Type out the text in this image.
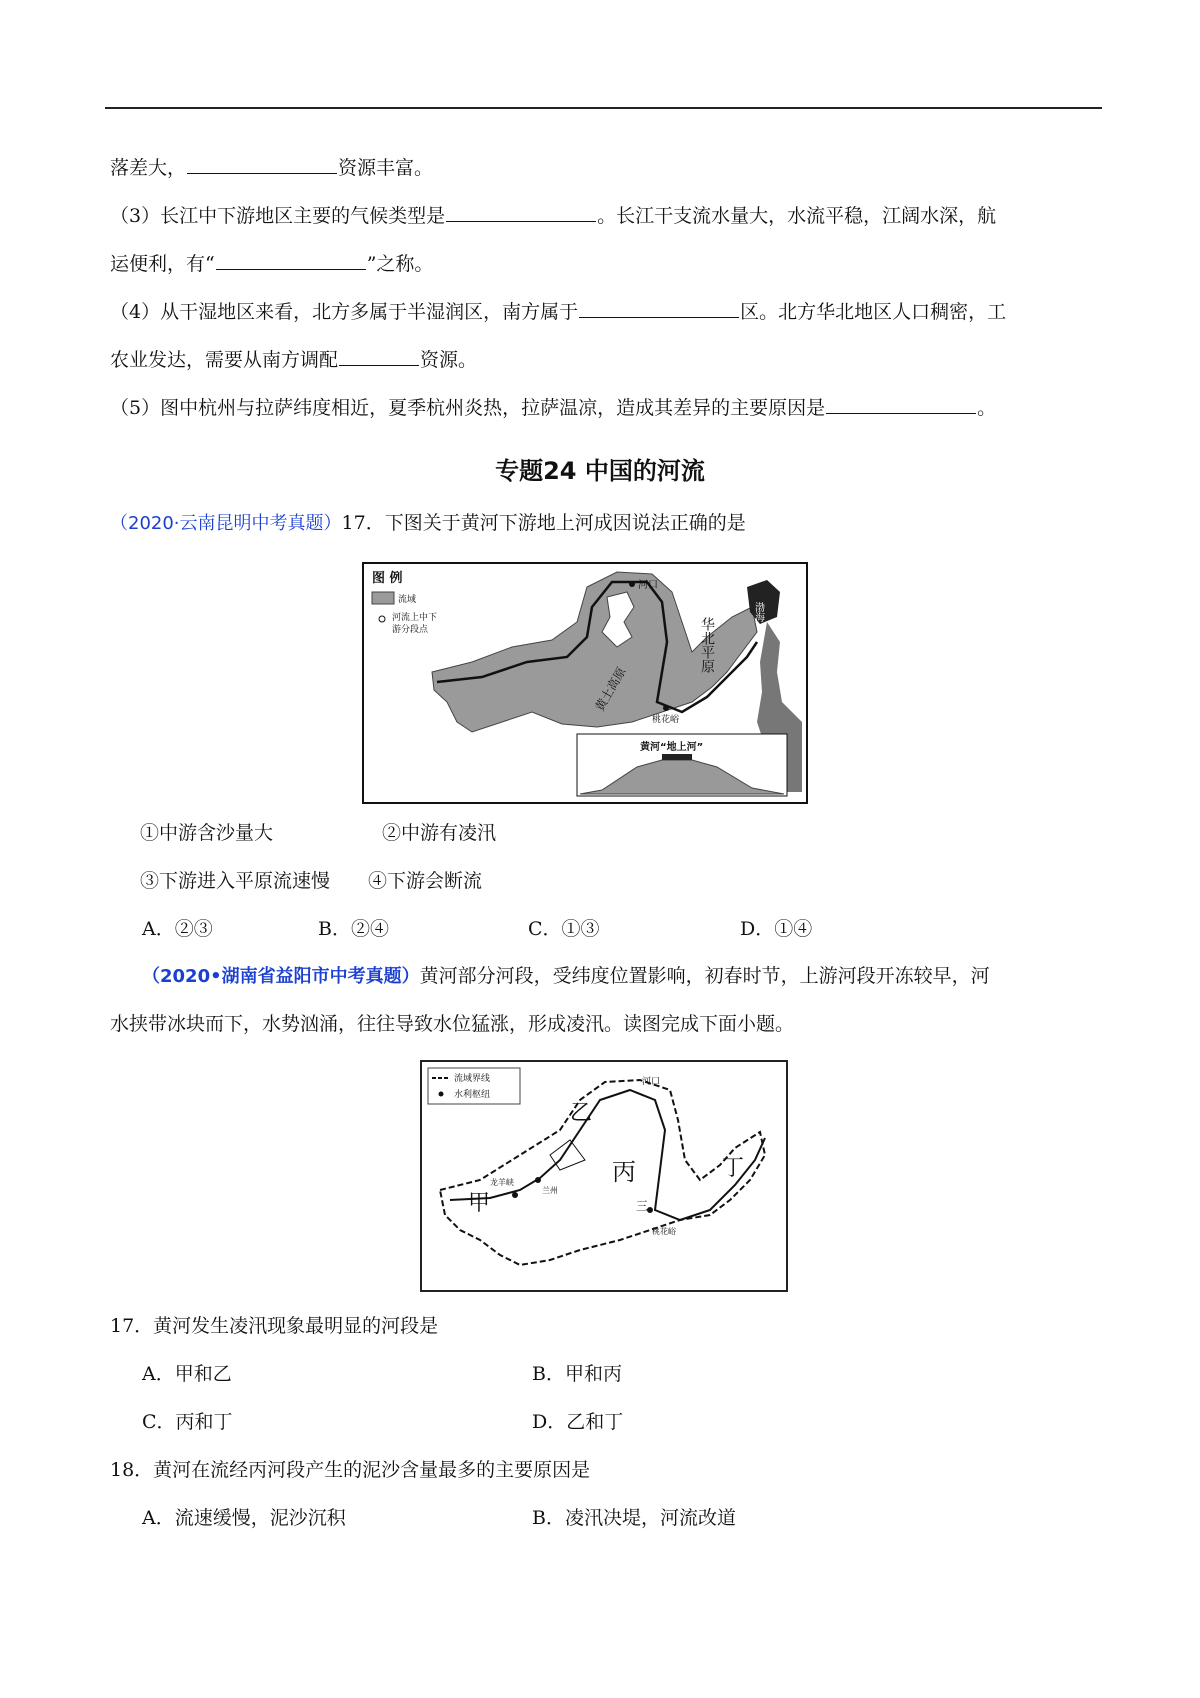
落差大，	资源丰富。
（3）长江中下游地区主要的气候类型是	。长江干支流水量大，水流平稳，江阔水深，航
运便利，有“	”之称。
（4）从干湿地区来看，北方多属于半湿润区，南方属于	区。北方华北地区人口稠密，工
农业发达，需要从南方调配	资源。
（5）图中杭州与拉萨纬度相近，夏季杭州炎热，拉萨温凉，造成其差异的主要原因是	。
专题24 中国的河流
（2020·云南昆明中考真题）17．下图关于黄河下游地上河成因说法正确的是
图 例
流域
河流上中下
游分段点
河口
黄土高原
桃花峪
华北平原
渤海
黄河“地上河”
①中游含沙量大	②中游有凌汛
③下游进入平原流速慢 ④下游会断流
A．②③	B．②④	C．①③	D．①④
（2020•湖南省益阳市中考真题）黄河部分河段，受纬度位置影响，初春时节，上游河段开冻较早，河
水挟带冰块而下，水势汹涌，往往导致水位猛涨，形成凌汛。读图完成下面小题。
流域界线
水利枢纽
甲
乙
丙	丁
河口
兰州
龙羊峡
三
桃花峪
17．黄河发生凌汛现象最明显的河段是
A．甲和乙	B．甲和丙
C．丙和丁	D．乙和丁
18．黄河在流经丙河段产生的泥沙含量最多的主要原因是
A．流速缓慢，泥沙沉积	B．凌汛决堤，河流改道
